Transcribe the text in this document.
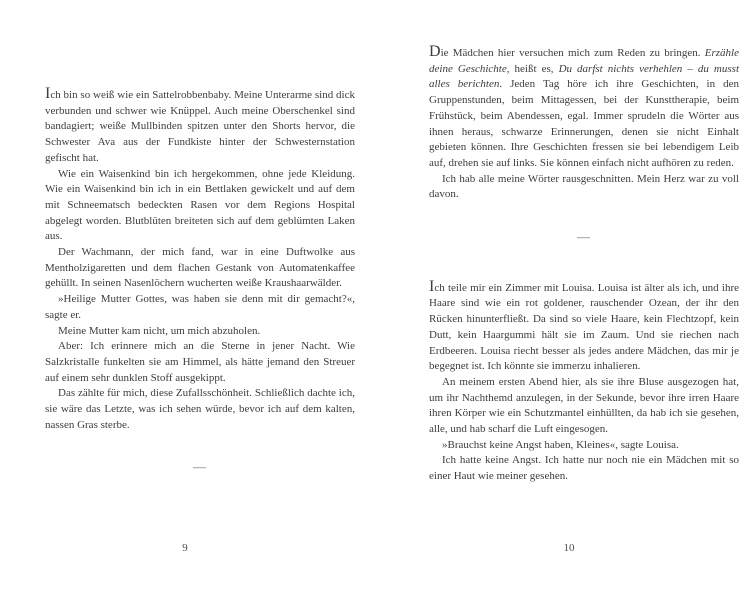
Ich bin so weiß wie ein Sattelrobbenbaby. Meine Unterarme sind dick verbunden und schwer wie Knüppel. Auch meine Oberschenkel sind bandagiert; weiße Mullbinden spitzen unter den Shorts hervor, die Schwester Ava aus der Fundkiste hinter der Schwesternstation gefischt hat.

Wie ein Waisenkind bin ich hergekommen, ohne jede Kleidung. Wie ein Waisenkind bin ich in ein Bettlaken gewickelt und auf dem mit Schneematsch bedeckten Rasen vor dem Regions Hospital abgelegt worden. Blutblüten breiteten sich auf dem geblümten Laken aus.

Der Wachmann, der mich fand, war in eine Duftwolke aus Mentholzigaretten und dem flachen Gestank von Automatenkaffee gehüllt. In seinen Nasenlöchern wucherten weiße Kraushaarwälder.

»Heilige Mutter Gottes, was haben sie denn mit dir gemacht?«, sagte er.

Meine Mutter kam nicht, um mich abzuholen.

Aber: Ich erinnere mich an die Sterne in jener Nacht. Wie Salzkristalle funkelten sie am Himmel, als hätte jemand den Streuer auf einem sehr dunklen Stoff ausgekippt.

Das zählte für mich, diese Zufallsschönheit. Schließlich dachte ich, sie wäre das Letzte, was ich sehen würde, bevor ich auf dem kalten, nassen Gras sterbe.

—

Die Mädchen hier versuchen mich zum Reden zu bringen. Erzähle deine Geschichte, heißt es, Du darfst nichts verhehlen – du musst alles berichten. Jeden Tag höre ich ihre Geschichten, in den Gruppenstunden, beim Mittagessen, bei der Kunsttherapie, beim Frühstück, beim Abendessen, egal. Immer sprudeln die Wörter aus ihnen heraus, schwarze Erinnerungen, denen sie nicht Einhalt gebieten können. Ihre Geschichten fressen sie bei lebendigem Leib auf, drehen sie auf links. Sie können einfach nicht aufhören zu reden.

Ich hab alle meine Wörter rausgeschnitten. Mein Herz war zu voll davon.

—

Ich teile mir ein Zimmer mit Louisa. Louisa ist älter als ich, und ihre Haare sind wie ein rot goldener, rauschender Ozean, der ihr den Rücken hinunterfließt. Da sind so viele Haare, kein Flechtzopf, kein Dutt, kein Haargummi hält sie im Zaum. Und sie riechen nach Erdbeeren. Louisa riecht besser als jedes andere Mädchen, das mir je begegnet ist. Ich könnte sie immerzu inhalieren.

An meinem ersten Abend hier, als sie ihre Bluse ausgezogen hat, um ihr Nachthemd anzulegen, in der Sekunde, bevor ihre irren Haare ihren Körper wie ein Schutzmantel einhüllten, da hab ich sie gesehen, alle, und hab scharf die Luft eingesogen.

»Brauchst keine Angst haben, Kleines«, sagte Louisa.

Ich hatte keine Angst. Ich hatte nur noch nie ein Mädchen mit so einer Haut wie meiner gesehen.

9	10
